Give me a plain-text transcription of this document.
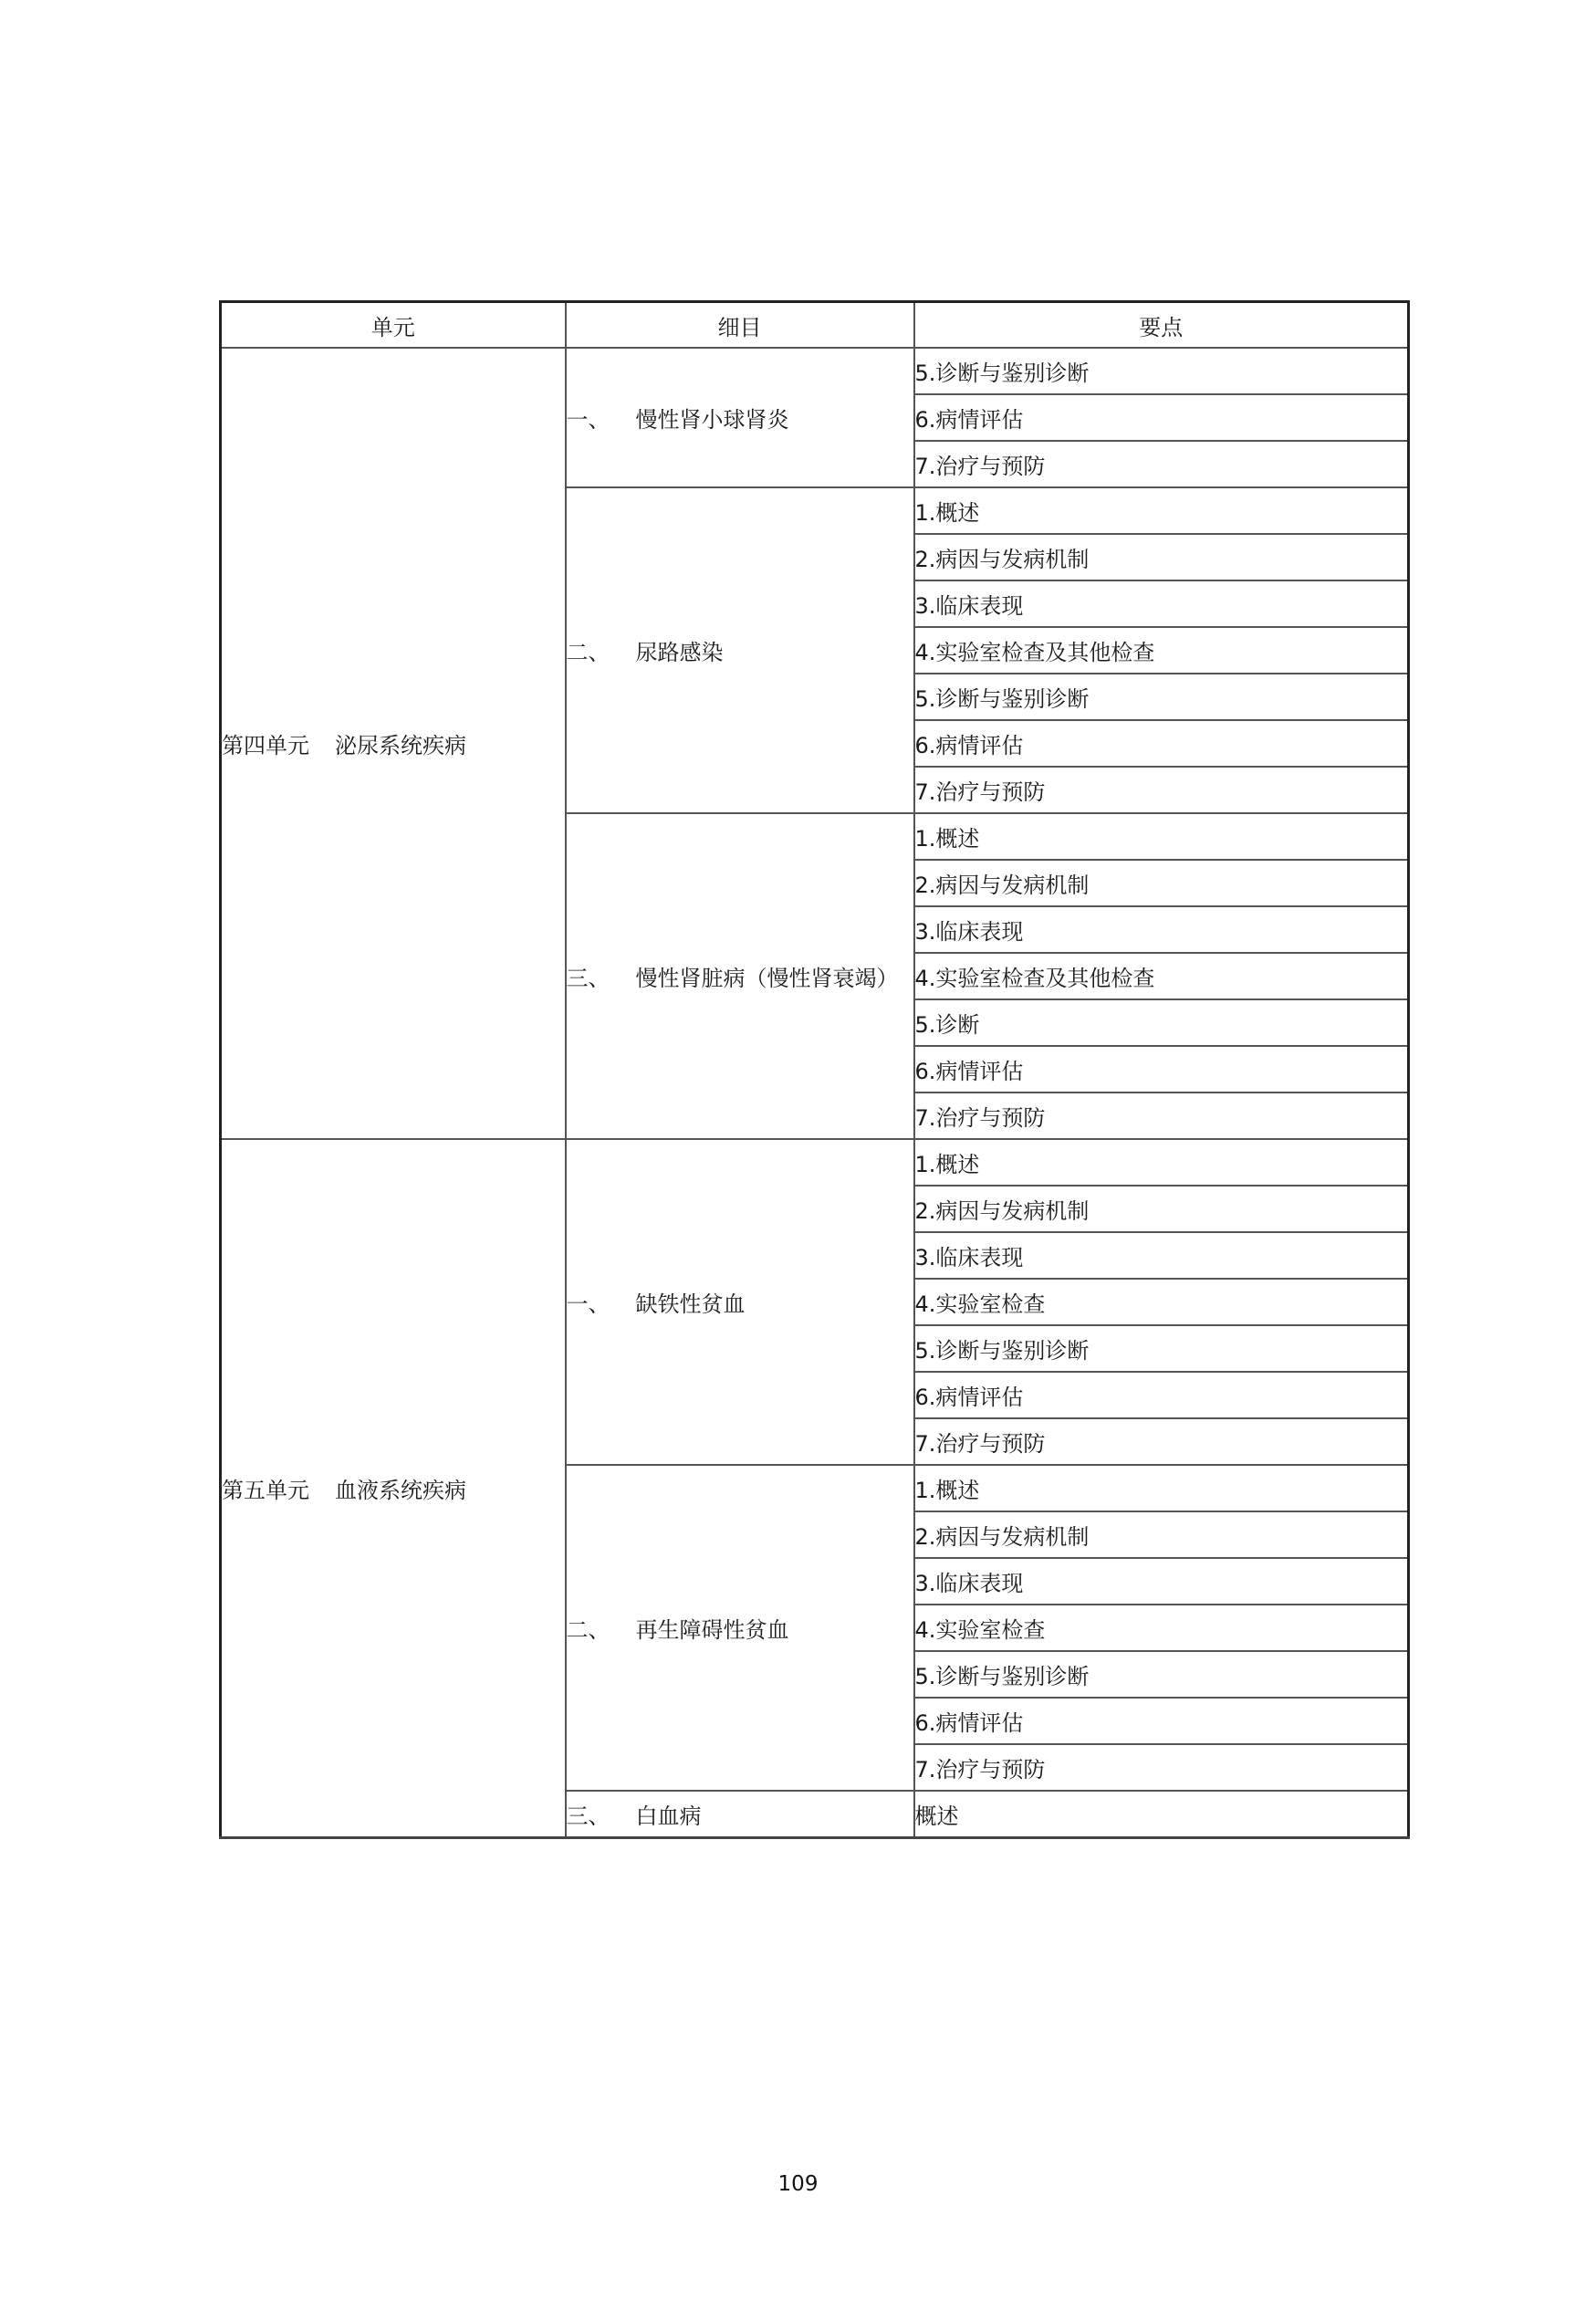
单元	细目	要点
第四单元 泌尿系统疾病	一、 慢性肾小球肾炎	5.诊断与鉴别诊断
		6.病情评估
		7.治疗与预防
	二、 尿路感染	1.概述
		2.病因与发病机制
		3.临床表现
		4.实验室检查及其他检查
		5.诊断与鉴别诊断
		6.病情评估
		7.治疗与预防
	三、 慢性肾脏病（慢性肾衰竭）	1.概述
		2.病因与发病机制
		3.临床表现
		4.实验室检查及其他检查
		5.诊断
		6.病情评估
		7.治疗与预防
第五单元 血液系统疾病	一、 缺铁性贫血	1.概述
		2.病因与发病机制
		3.临床表现
		4.实验室检查
		5.诊断与鉴别诊断
		6.病情评估
		7.治疗与预防
	二、 再生障碍性贫血	1.概述
		2.病因与发病机制
		3.临床表现
		4.实验室检查
		5.诊断与鉴别诊断
		6.病情评估
		7.治疗与预防
	三、 白血病	概述
109
